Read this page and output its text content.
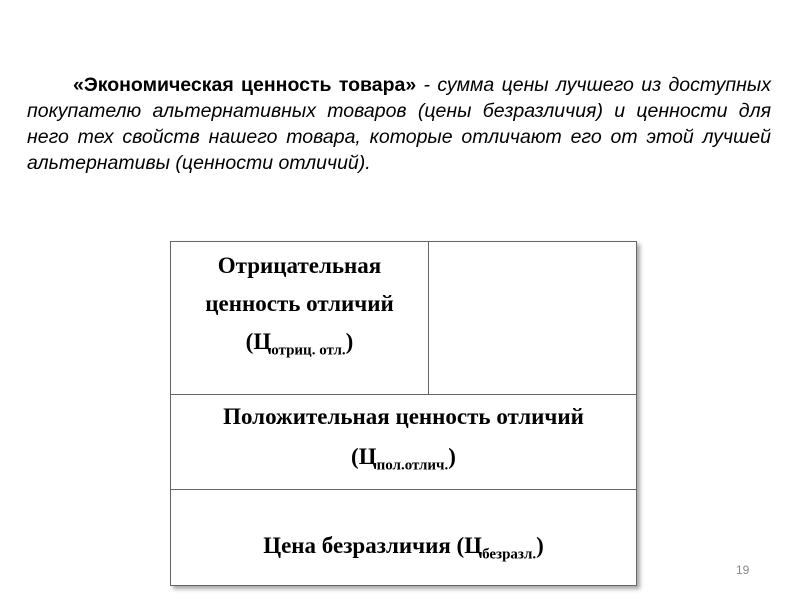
«Экономическая ценность товара» - сумма цены лучшего из доступных покупателю альтернативных товаров (цены безразличия) и ценности для него тех свойств нашего товара, которые отличают его от этой лучшей альтернативы (ценности отличий).

Отрицательная ценность отличий $(Ц_{отриц. отл.})$
Положительная ценность отличий $(Ц_{пол.отлич.})$
Цена безразличия $(Ц_{безразл.})$
19
